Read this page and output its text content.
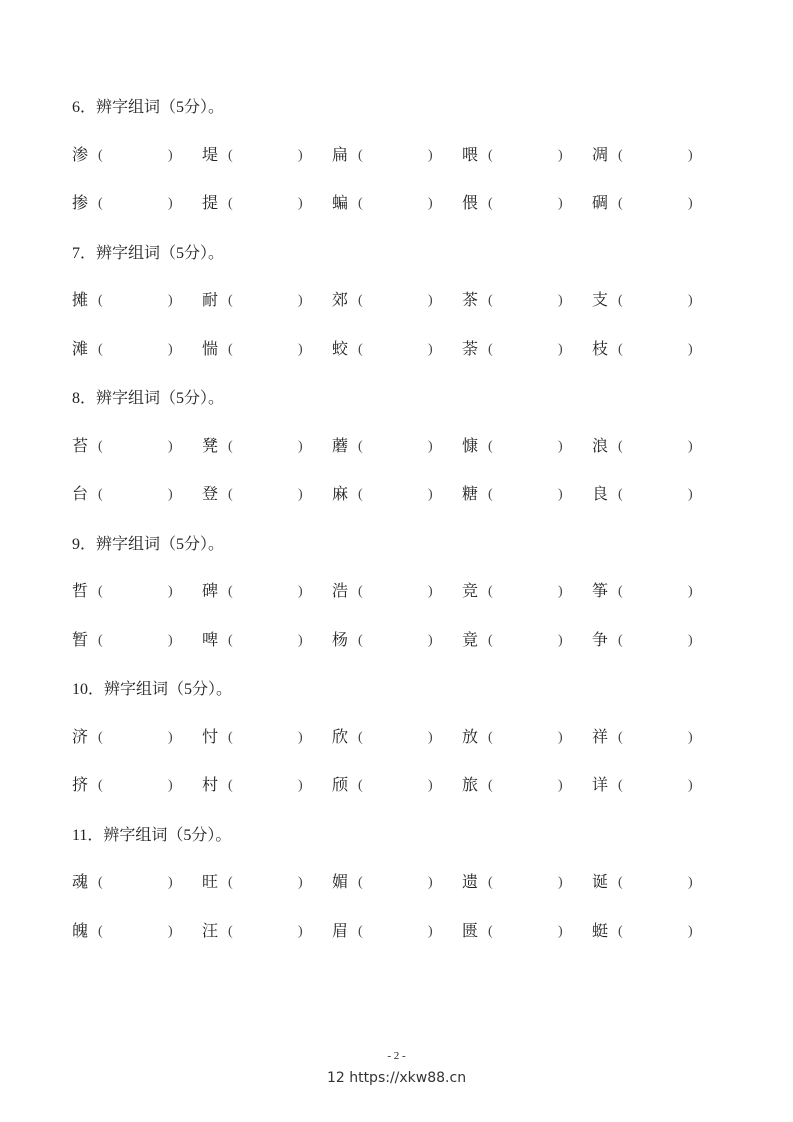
6．辨字组词（5分）。
渗 (	) 堤 (	) 扁 (	) 喂 (	) 凋 (	)
掺 (	) 提 (	) 蝙 (	) 偎 (	) 碉 (	)
7．辨字组词（5分）。
摊 (	) 耐 (	) 郊 (	) 茶 (	) 支 (	)
滩 (	) 惴 (	) 蛟 (	) 荼 (	) 枝 (	)
8．辨字组词（5分）。
苔 (	) 凳 (	) 蘑 (	) 慷 (	) 浪 (	)
台 (	) 登 (	) 麻 (	) 糖 (	) 良 (	)
9．辨字组词（5分）。
哲 (	) 碑 (	) 浩 (	) 竞 (	) 筝 (	)
暂 (	) 啤 (	) 杨 (	) 竟 (	) 争 (	)
10．辨字组词（5分）。
济 (	) 忖 (	) 欣 (	) 放 (	) 祥 (	)
挤 (	) 村 (	) 颀 (	) 旅 (	) 详 (	)
11．辨字组词（5分）。
魂 (	) 旺 (	) 媚 (	) 遗 (	) 诞 (	)
魄 (	) 汪 (	) 眉 (	) 匮 (	) 蜓 (	)
- 2 -
12 https://xkw88.cn
